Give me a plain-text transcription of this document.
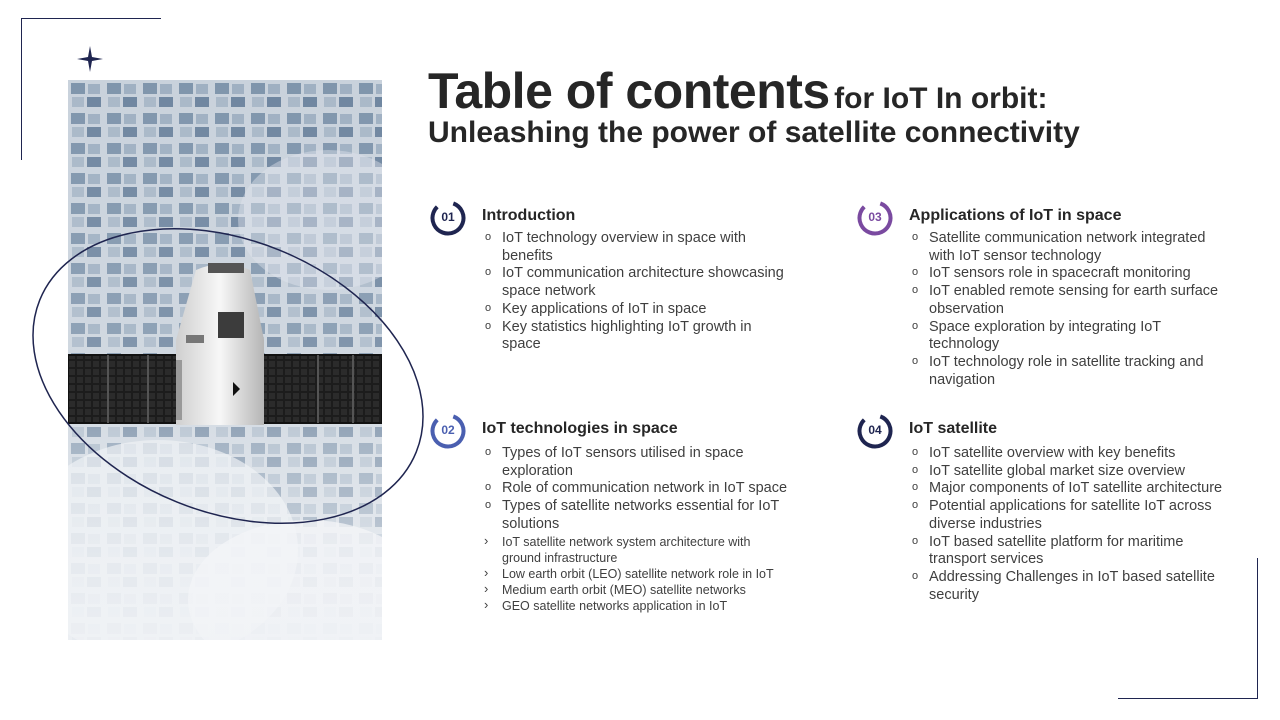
Table of contents for IoT In orbit:
Unleashing the power of satellite connectivity
01	Introduction
o IoT technology overview in space with benefits
o IoT communication architecture showcasing space network
o Key applications of IoT in space
o Key statistics highlighting IoT growth in space
02	IoT technologies in space
o Types of IoT sensors utilised in space exploration
o Role of communication network in IoT space
o Types of satellite networks essential for IoT solutions
› IoT satellite network system architecture with ground infrastructure
› Low earth orbit (LEO) satellite network role in IoT
› Medium earth orbit (MEO) satellite networks
› GEO satellite networks application in IoT
03	Applications of IoT in space
o Satellite communication network integrated with IoT sensor technology
o IoT sensors role in spacecraft monitoring
o IoT enabled remote sensing for earth surface observation
o Space exploration by integrating IoT technology
o IoT technology role in satellite tracking and navigation
04	IoT satellite
o IoT satellite overview with key benefits
o IoT satellite global market size overview
o Major components of IoT satellite architecture
o Potential applications for satellite IoT across diverse industries
o IoT based satellite platform for maritime transport services
o Addressing Challenges in IoT based satellite security
